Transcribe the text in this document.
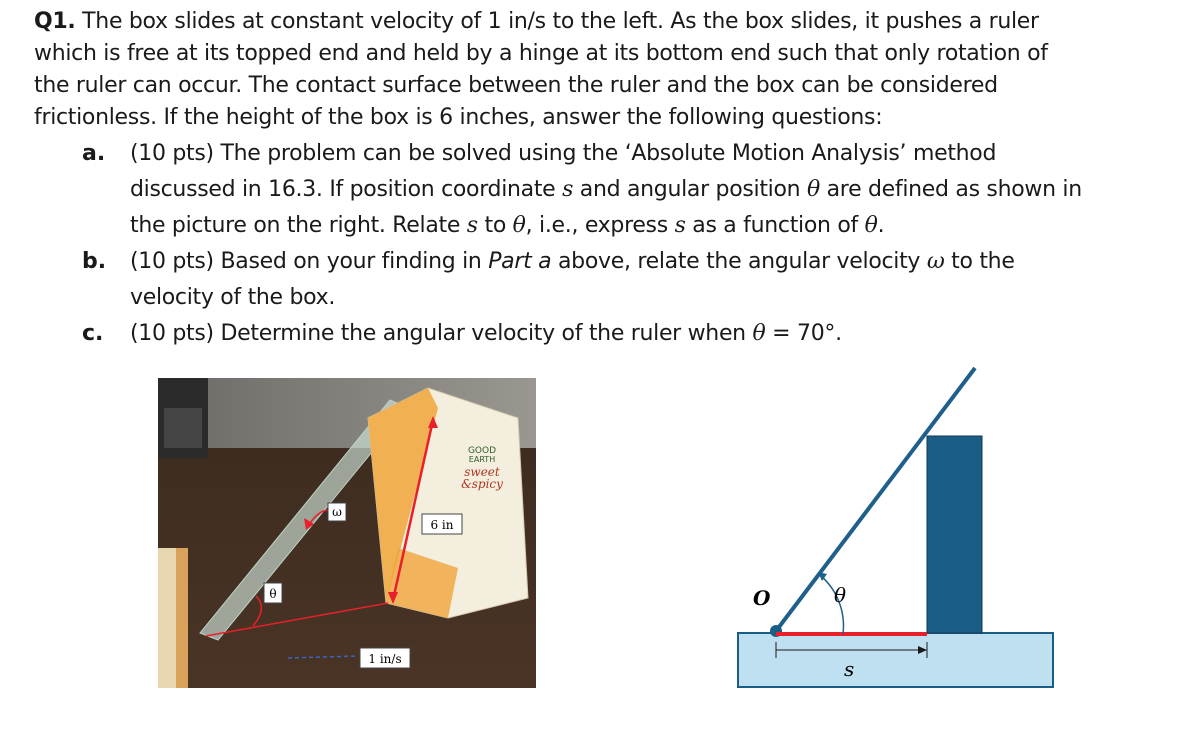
Q1. The box slides at constant velocity of 1 in/s to the left. As the box slides, it pushes a ruler
which is free at its topped end and held by a hinge at its bottom end such that only rotation of
the ruler can occur. The contact surface between the ruler and the box can be considered
frictionless. If the height of the box is 6 inches, answer the following questions:
a. (10 pts) The problem can be solved using the ‘Absolute Motion Analysis’ method
discussed in 16.3. If position coordinate s and angular position θ are defined as shown in
the picture on the right. Relate s to θ, i.e., express s as a function of θ.
b. (10 pts) Based on your finding in Part a above, relate the angular velocity ω to the
velocity of the box.
c. (10 pts) Determine the angular velocity of the ruler when θ = 70°.
GOOD
EARTH
sweet
&spicy
ω
θ
6 in
1 in/s
O	θ
s
